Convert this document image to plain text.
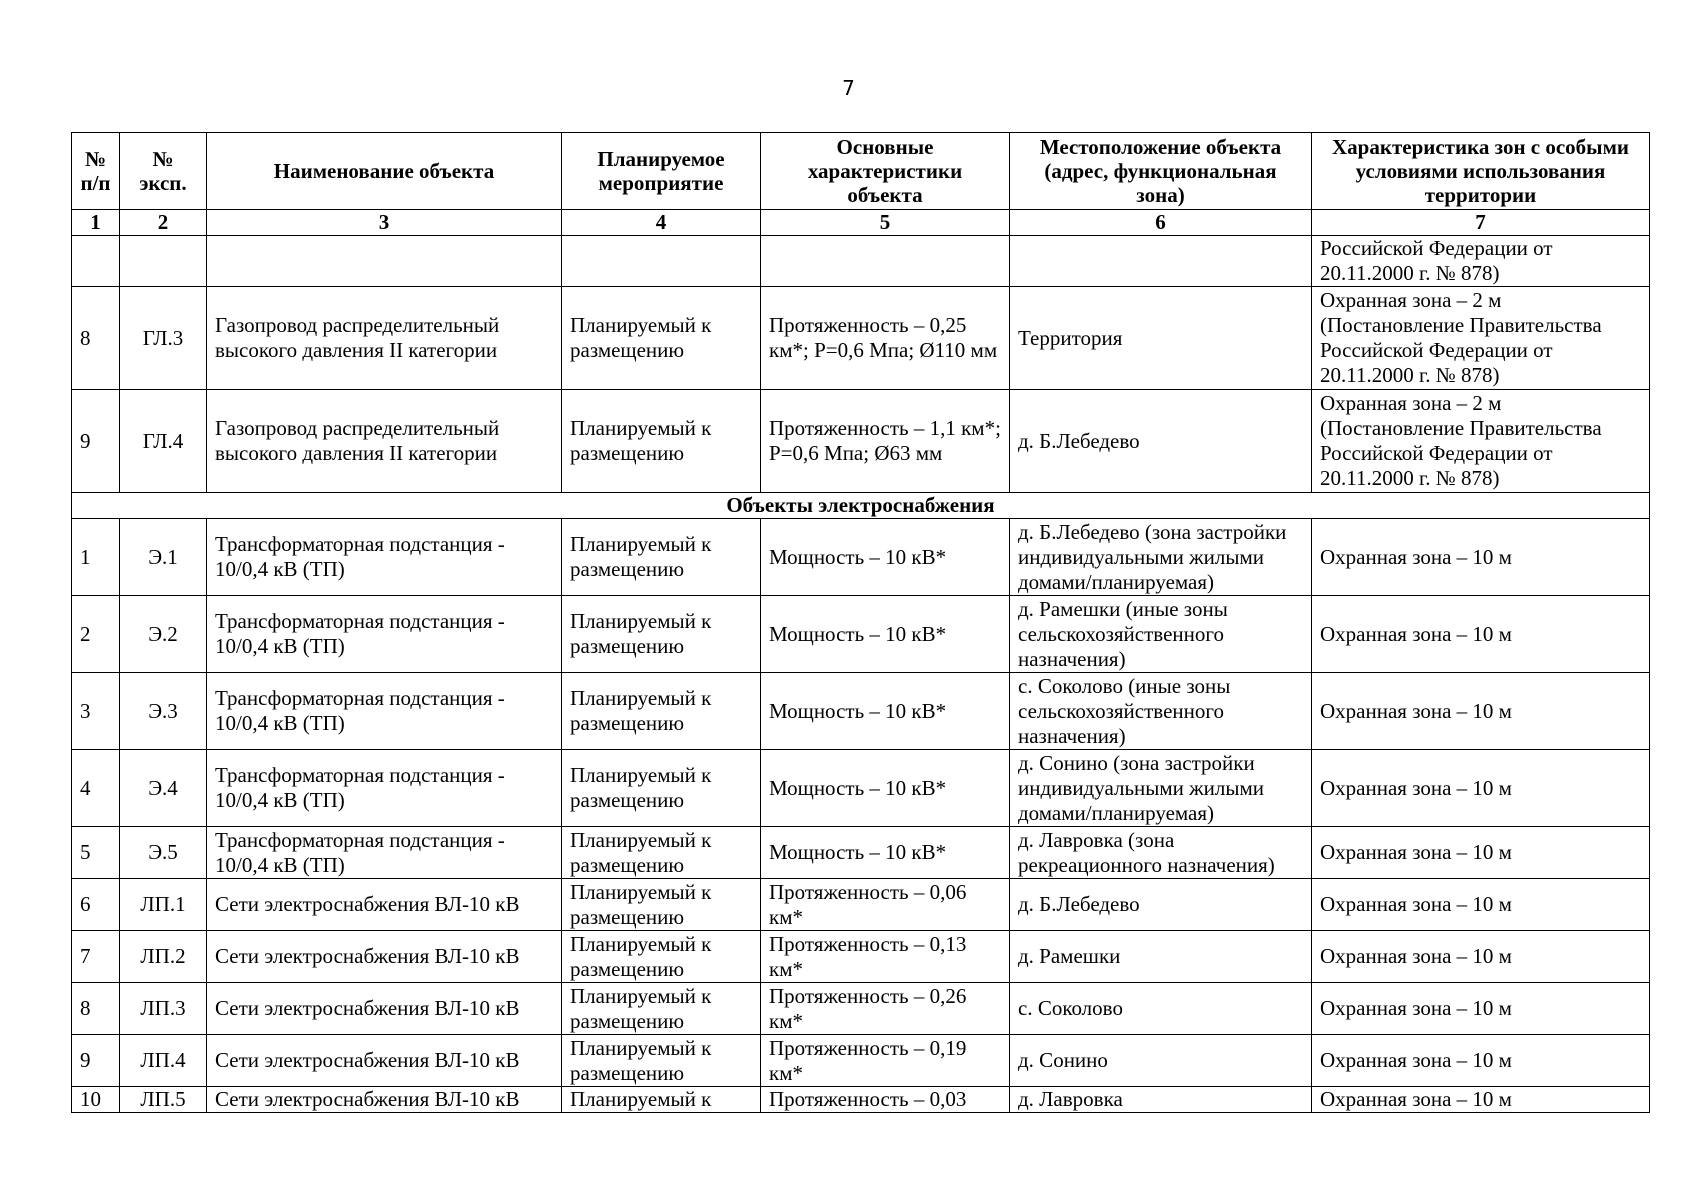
7
№ п/п	№ эксп.	Наименование объекта	Планируемое мероприятие	Основные характеристики объекта	Местоположение объекта (адрес, функциональная зона)	Характеристика зон с особыми условиями использования территории
1	2	3	4	5	6	7
						Российской Федерации от 20.11.2000 г. № 878)
8	ГЛ.3	Газопровод распределительный высокого давления II категории	Планируемый к размещению	Протяженность – 0,25 км*; Р=0,6 Мпа; Ø110 мм	Территория	Охранная зона – 2 м (Постановление Правительства Российской Федерации от 20.11.2000 г. № 878)
9	ГЛ.4	Газопровод распределительный высокого давления II категории	Планируемый к размещению	Протяженность – 1,1 км*; Р=0,6 Мпа; Ø63 мм	д. Б.Лебедево	Охранная зона – 2 м (Постановление Правительства Российской Федерации от 20.11.2000 г. № 878)
Объекты электроснабжения						
1	Э.1	Трансформаторная подстанция - 10/0,4 кВ (ТП)	Планируемый к размещению	Мощность – 10 кВ*	д. Б.Лебедево (зона застройки индивидуальными жилыми домами/планируемая)	Охранная зона – 10 м
2	Э.2	Трансформаторная подстанция - 10/0,4 кВ (ТП)	Планируемый к размещению	Мощность – 10 кВ*	д. Рамешки (иные зоны сельскохозяйственного назначения)	Охранная зона – 10 м
3	Э.3	Трансформаторная подстанция - 10/0,4 кВ (ТП)	Планируемый к размещению	Мощность – 10 кВ*	с. Соколово (иные зоны сельскохозяйственного назначения)	Охранная зона – 10 м
4	Э.4	Трансформаторная подстанция - 10/0,4 кВ (ТП)	Планируемый к размещению	Мощность – 10 кВ*	д. Сонино (зона застройки индивидуальными жилыми домами/планируемая)	Охранная зона – 10 м
5	Э.5	Трансформаторная подстанция - 10/0,4 кВ (ТП)	Планируемый к размещению	Мощность – 10 кВ*	д. Лавровка (зона рекреационного назначения)	Охранная зона – 10 м
6	ЛП.1	Сети электроснабжения ВЛ-10 кВ	Планируемый к размещению	Протяженность – 0,06 км*	д. Б.Лебедево	Охранная зона – 10 м
7	ЛП.2	Сети электроснабжения ВЛ-10 кВ	Планируемый к размещению	Протяженность – 0,13 км*	д. Рамешки	Охранная зона – 10 м
8	ЛП.3	Сети электроснабжения ВЛ-10 кВ	Планируемый к размещению	Протяженность – 0,26 км*	с. Соколово	Охранная зона – 10 м
9	ЛП.4	Сети электроснабжения ВЛ-10 кВ	Планируемый к размещению	Протяженность – 0,19 км*	д. Сонино	Охранная зона – 10 м
10	ЛП.5	Сети электроснабжения ВЛ-10 кВ	Планируемый к	Протяженность – 0,03	д. Лавровка	Охранная зона – 10 м
